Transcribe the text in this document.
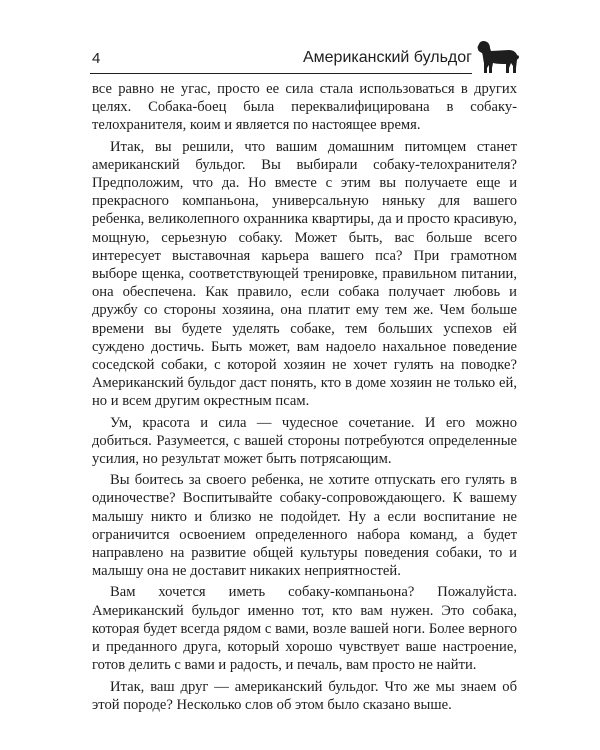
4	Американский бульдог

все равно не угас, просто ее сила стала использоваться в других целях. Собака-боец была переквалифицирована в собаку-телохранителя, коим и является по настоящее время.

Итак, вы решили, что вашим домашним питомцем станет американский бульдог. Вы выбирали собаку-телохранителя? Предположим, что да. Но вместе с этим вы получаете еще и прекрасного компаньона, универсальную няньку для вашего ребенка, великолепного охранника квартиры, да и просто красивую, мощную, серьезную собаку. Может быть, вас больше всего интересует выставочная карьера вашего пса? При грамотном выборе щенка, соответствующей тренировке, правильном питании, она обеспечена. Как правило, если собака получает любовь и дружбу со стороны хозяина, она платит ему тем же. Чем больше времени вы будете уделять собаке, тем больших успехов ей суждено достичь. Быть может, вам надоело нахальное поведение соседской собаки, с которой хозяин не хочет гулять на поводке? Американский бульдог даст понять, кто в доме хозяин не только ей, но и всем другим окрестным псам.

Ум, красота и сила — чудесное сочетание. И его можно добиться. Разумеется, с вашей стороны потребуются определенные усилия, но результат может быть потрясающим.

Вы боитесь за своего ребенка, не хотите отпускать его гулять в одиночестве? Воспитывайте собаку-сопровождающего. К вашему малышу никто и близко не подойдет. Ну а если воспитание не ограничится освоением определенного набора команд, а будет направлено на развитие общей культуры поведения собаки, то и малышу она не доставит никаких неприятностей.

Вам хочется иметь собаку-компаньона? Пожалуйста. Американский бульдог именно тот, кто вам нужен. Это собака, которая будет всегда рядом с вами, возле вашей ноги. Более верного и преданного друга, который хорошо чувствует ваше настроение, готов делить с вами и радость, и печаль, вам просто не найти.

Итак, ваш друг — американский бульдог. Что же мы знаем об этой породе? Несколько слов об этом было сказано выше.
